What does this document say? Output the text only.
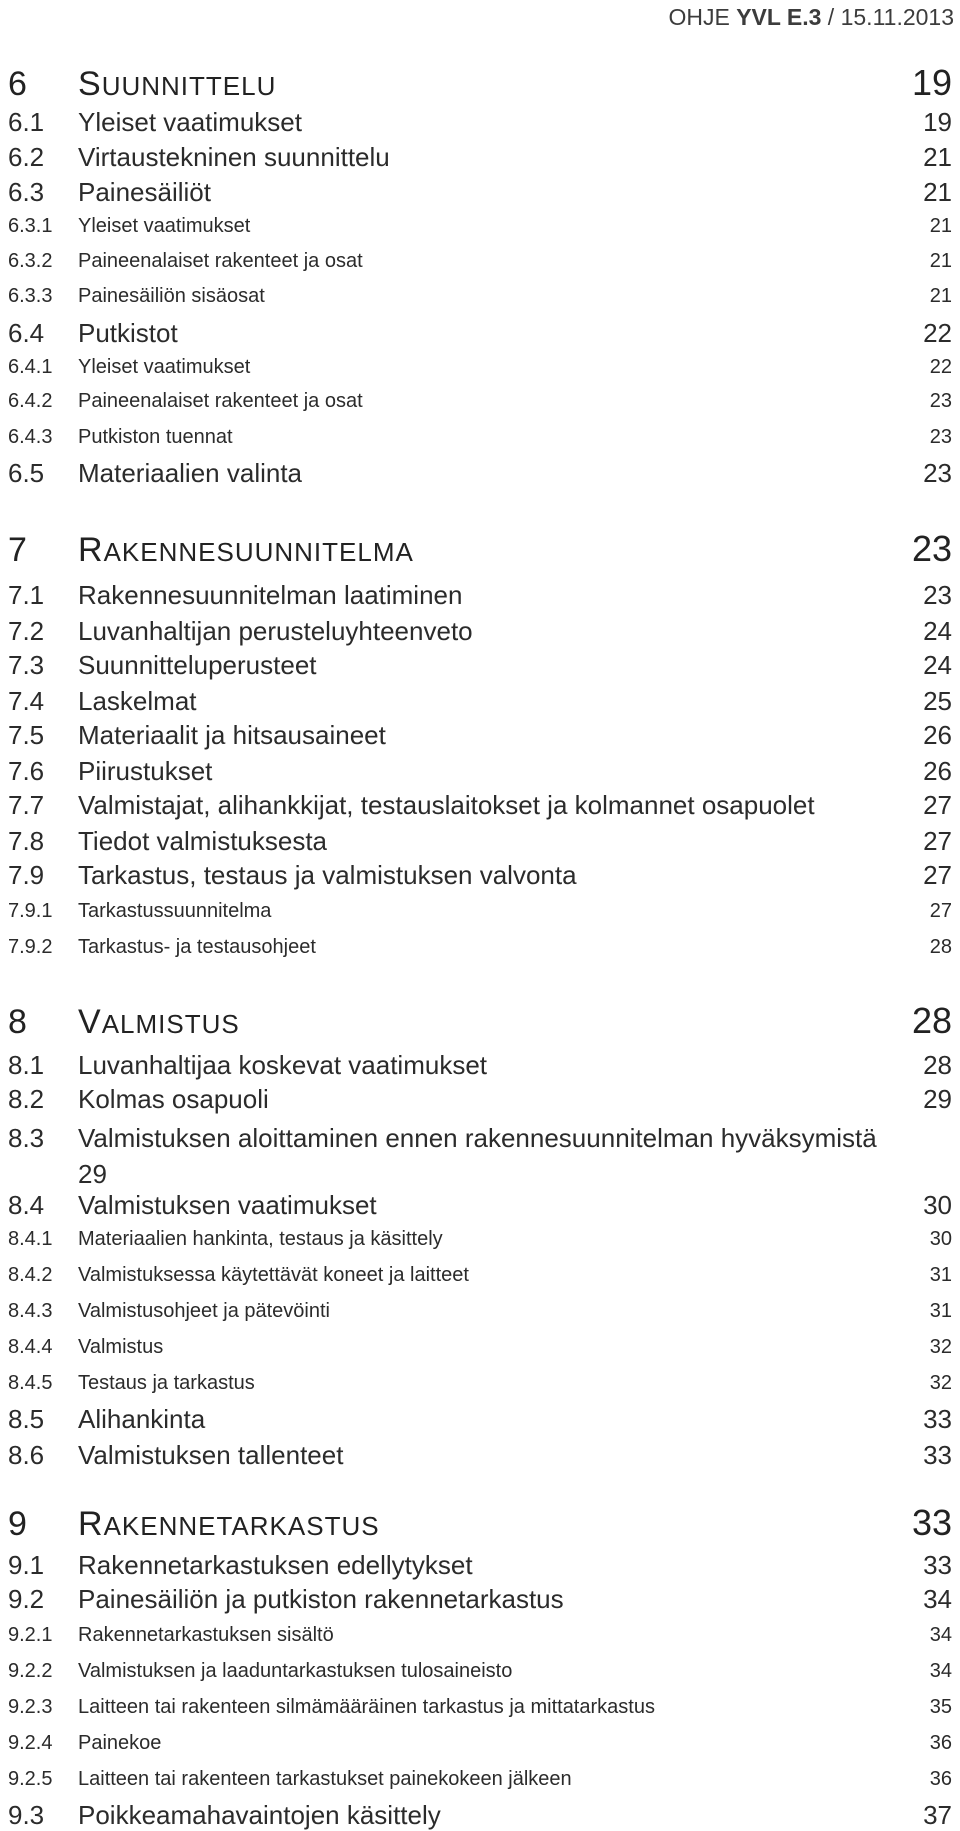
OHJE YVL E.3 / 15.11.2013
6	SUUNNITTELU	19
6.1	Yleiset vaatimukset	19
6.2	Virtaustekninen suunnittelu	21
6.3	Painesäiliöt	21
6.3.1	Yleiset vaatimukset	21
6.3.2	Paineenalaiset rakenteet ja osat	21
6.3.3	Painesäiliön sisäosat	21
6.4	Putkistot	22
6.4.1	Yleiset vaatimukset	22
6.4.2	Paineenalaiset rakenteet ja osat	23
6.4.3	Putkiston tuennat	23
6.5	Materiaalien valinta	23
7	RAKENNESUUNNITELMA	23
7.1	Rakennesuunnitelman laatiminen	23
7.2	Luvanhaltijan perusteluyhteenveto	24
7.3	Suunnitteluperusteet	24
7.4	Laskelmat	25
7.5	Materiaalit ja hitsausaineet	26
7.6	Piirustukset	26
7.7	Valmistajat, alihankkijat, testauslaitokset ja kolmannet osapuolet	27
7.8	Tiedot valmistuksesta	27
7.9	Tarkastus, testaus ja valmistuksen valvonta	27
7.9.1	Tarkastussuunnitelma	27
7.9.2	Tarkastus- ja testausohjeet	28
8	VALMISTUS	28
8.1	Luvanhaltijaa koskevat vaatimukset	28
8.2	Kolmas osapuoli	29
8.3 Valmistuksen aloittaminen ennen rakennesuunnitelman hyväksymistä
29
8.4	Valmistuksen vaatimukset	30
8.4.1	Materiaalien hankinta, testaus ja käsittely	30
8.4.2	Valmistuksessa käytettävät koneet ja laitteet	31
8.4.3	Valmistusohjeet ja pätevöinti	31
8.4.4	Valmistus	32
8.4.5	Testaus ja tarkastus	32
8.5	Alihankinta	33
8.6	Valmistuksen tallenteet	33
9	RAKENNETARKASTUS	33
9.1	Rakennetarkastuksen edellytykset	33
9.2	Painesäiliön ja putkiston rakennetarkastus	34
9.2.1	Rakennetarkastuksen sisältö	34
9.2.2	Valmistuksen ja laaduntarkastuksen tulosaineisto	34
9.2.3	Laitteen tai rakenteen silmämääräinen tarkastus ja mittatarkastus	35
9.2.4	Painekoe	36
9.2.5	Laitteen tai rakenteen tarkastukset painekokeen jälkeen	36
9.3	Poikkeamahavaintojen käsittely	37
